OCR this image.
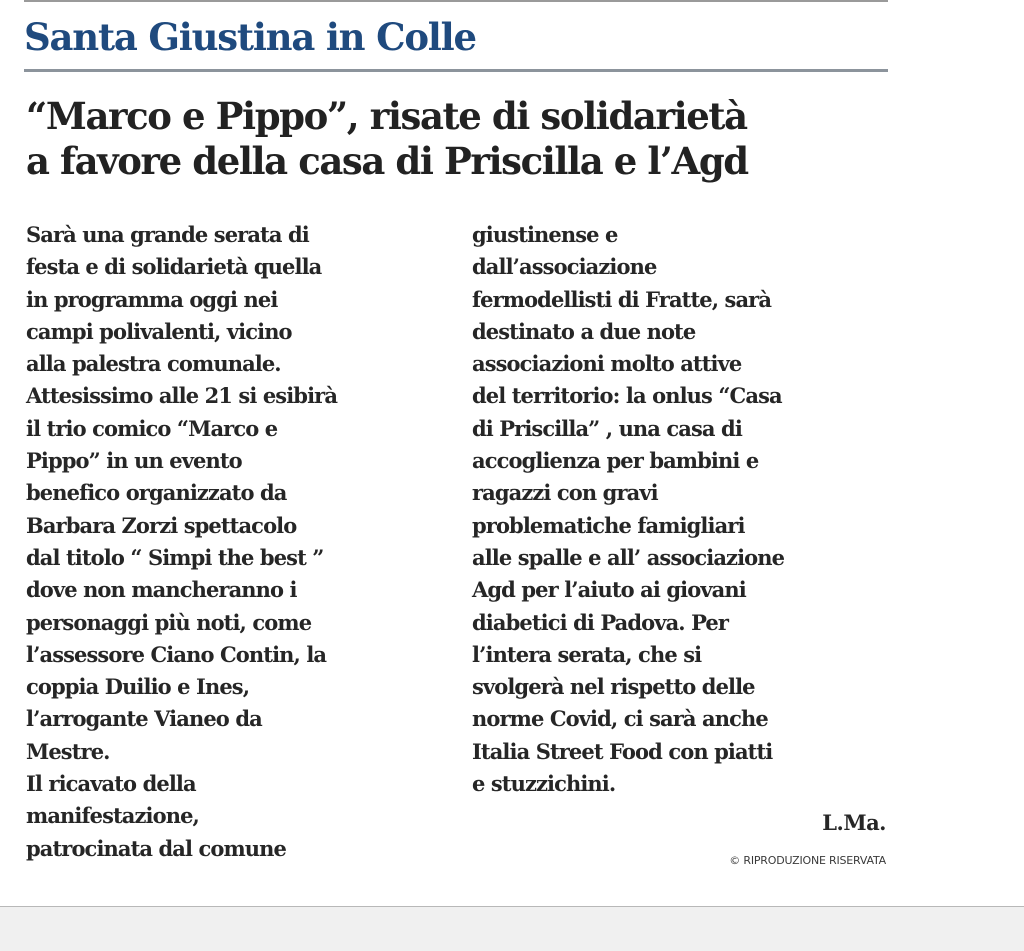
Santa Giustina in Colle
“Marco e Pippo”, risate di solidarietà
a favore della casa di Priscilla e l’Agd
Sarà una grande serata di
festa e di solidarietà quella
in programma oggi nei
campi polivalenti, vicino
alla palestra comunale.
Attesissimo alle 21 si esibirà
il trio comico “Marco e
Pippo” in un evento
benefico organizzato da
Barbara Zorzi spettacolo
dal titolo “ Simpi the best ”
dove non mancheranno i
personaggi più noti, come
l’assessore Ciano Contin, la
coppia Duilio e Ines,
l’arrogante Vianeo da
Mestre.
Il ricavato della
manifestazione,
patrocinata dal comune
giustinense e
dall’associazione
fermodellisti di Fratte, sarà
destinato a due note
associazioni molto attive
del territorio: la onlus “Casa
di Priscilla” , una casa di
accoglienza per bambini e
ragazzi con gravi
problematiche famigliari
alle spalle e all’ associazione
Agd per l’aiuto ai giovani
diabetici di Padova. Per
l’intera serata, che si
svolgerà nel rispetto delle
norme Covid, ci sarà anche
Italia Street Food con piatti
e stuzzichini.
L.Ma.
© RIPRODUZIONE RISERVATA
